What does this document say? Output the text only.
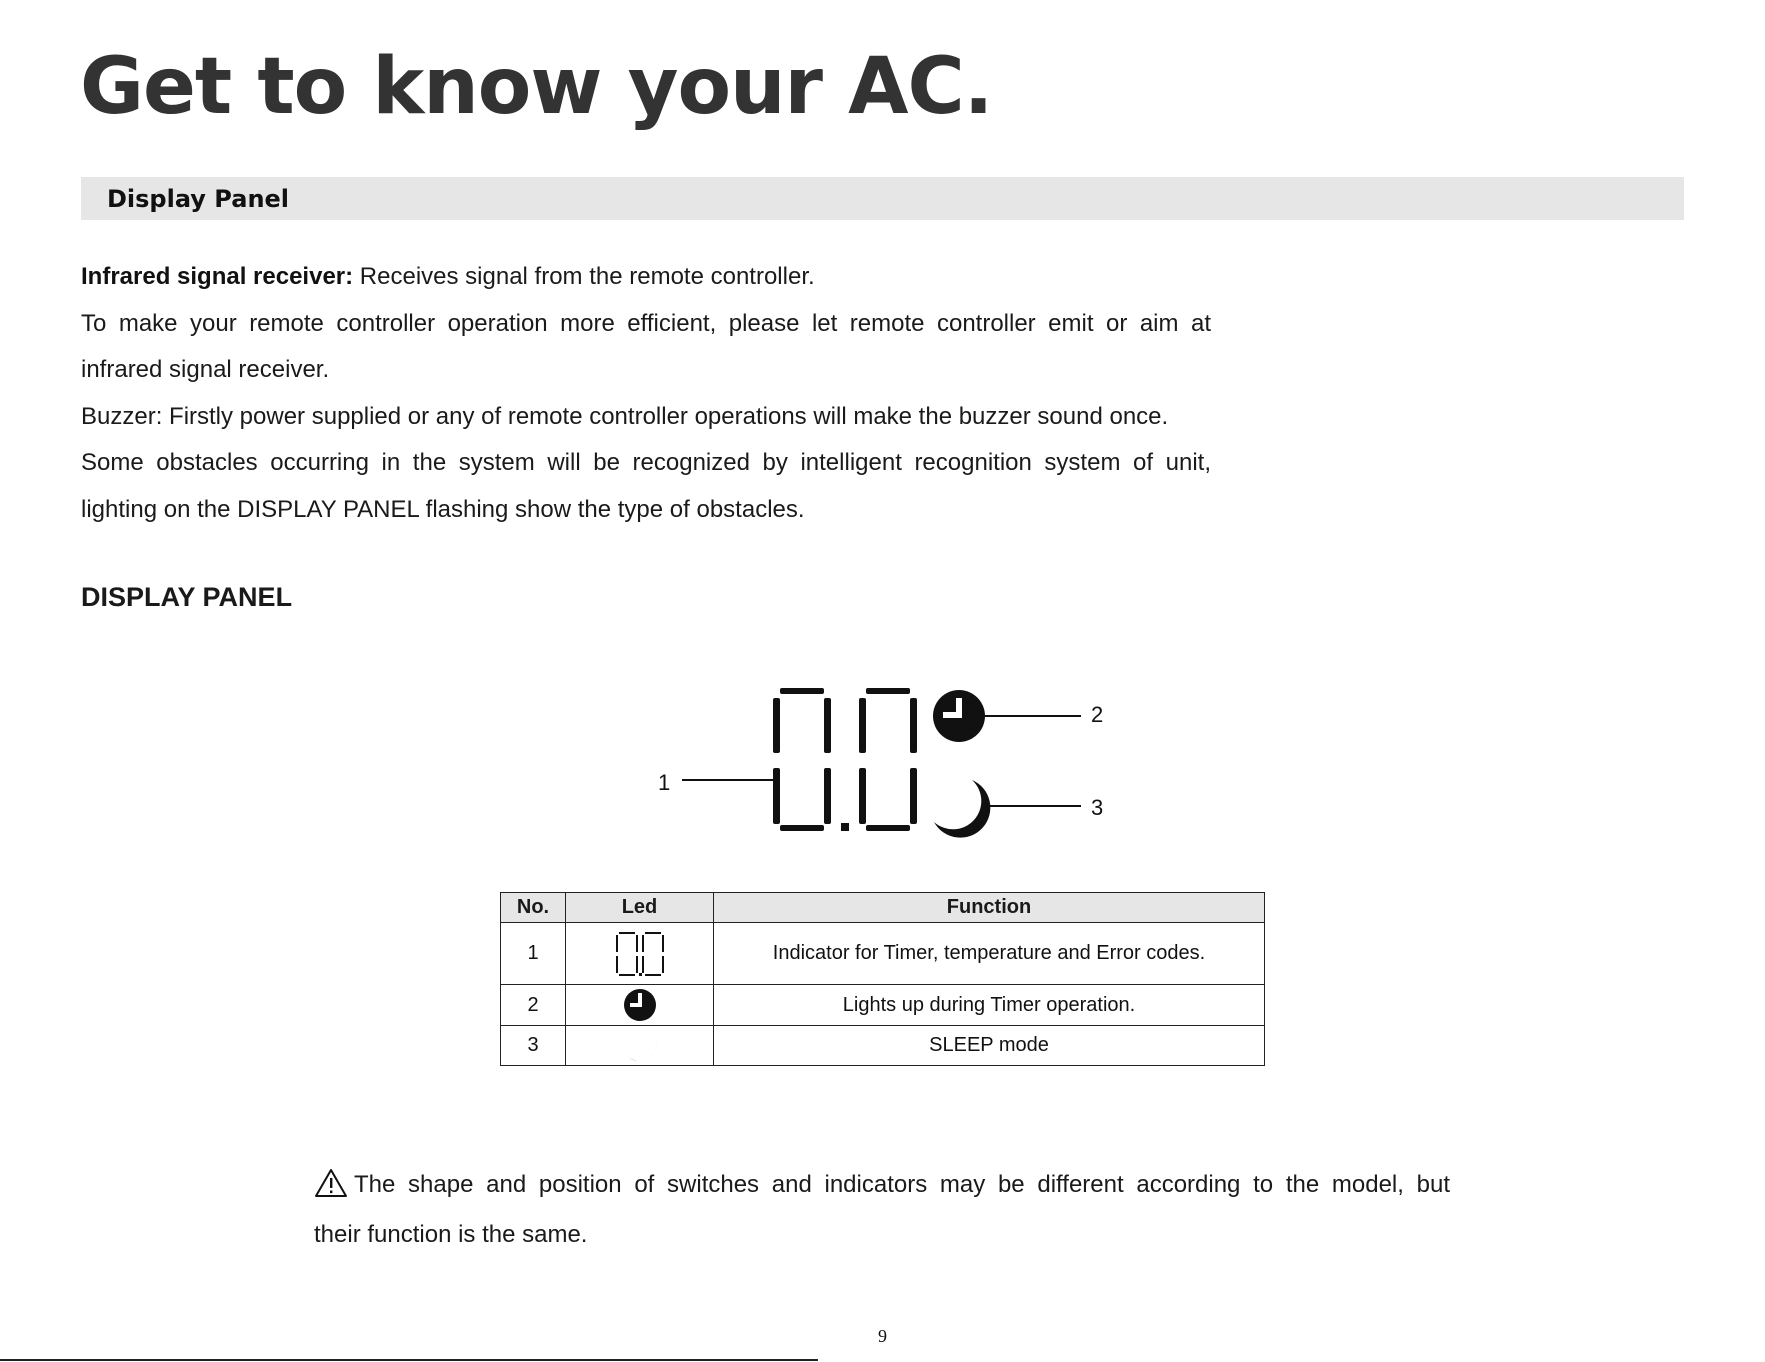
Get to know your AC.
Display Panel
Infrared signal receiver: Receives signal from the remote controller.
To make your remote controller operation more efficient, please let remote controller emit or aim at
infrared signal receiver.
Buzzer: Firstly power supplied or any of remote controller operations will make the buzzer sound once.
Some obstacles occurring in the system will be recognized by intelligent recognition system of unit,
lighting on the DISPLAY PANEL flashing show the type of obstacles.
DISPLAY PANEL
1
2
3
No.	Led	Function
1		Indicator for Timer, temperature and Error codes.
2		Lights up during Timer operation.
3		SLEEP mode
The shape and position of switches and indicators may be different according to the model, but
their function is the same.
9
